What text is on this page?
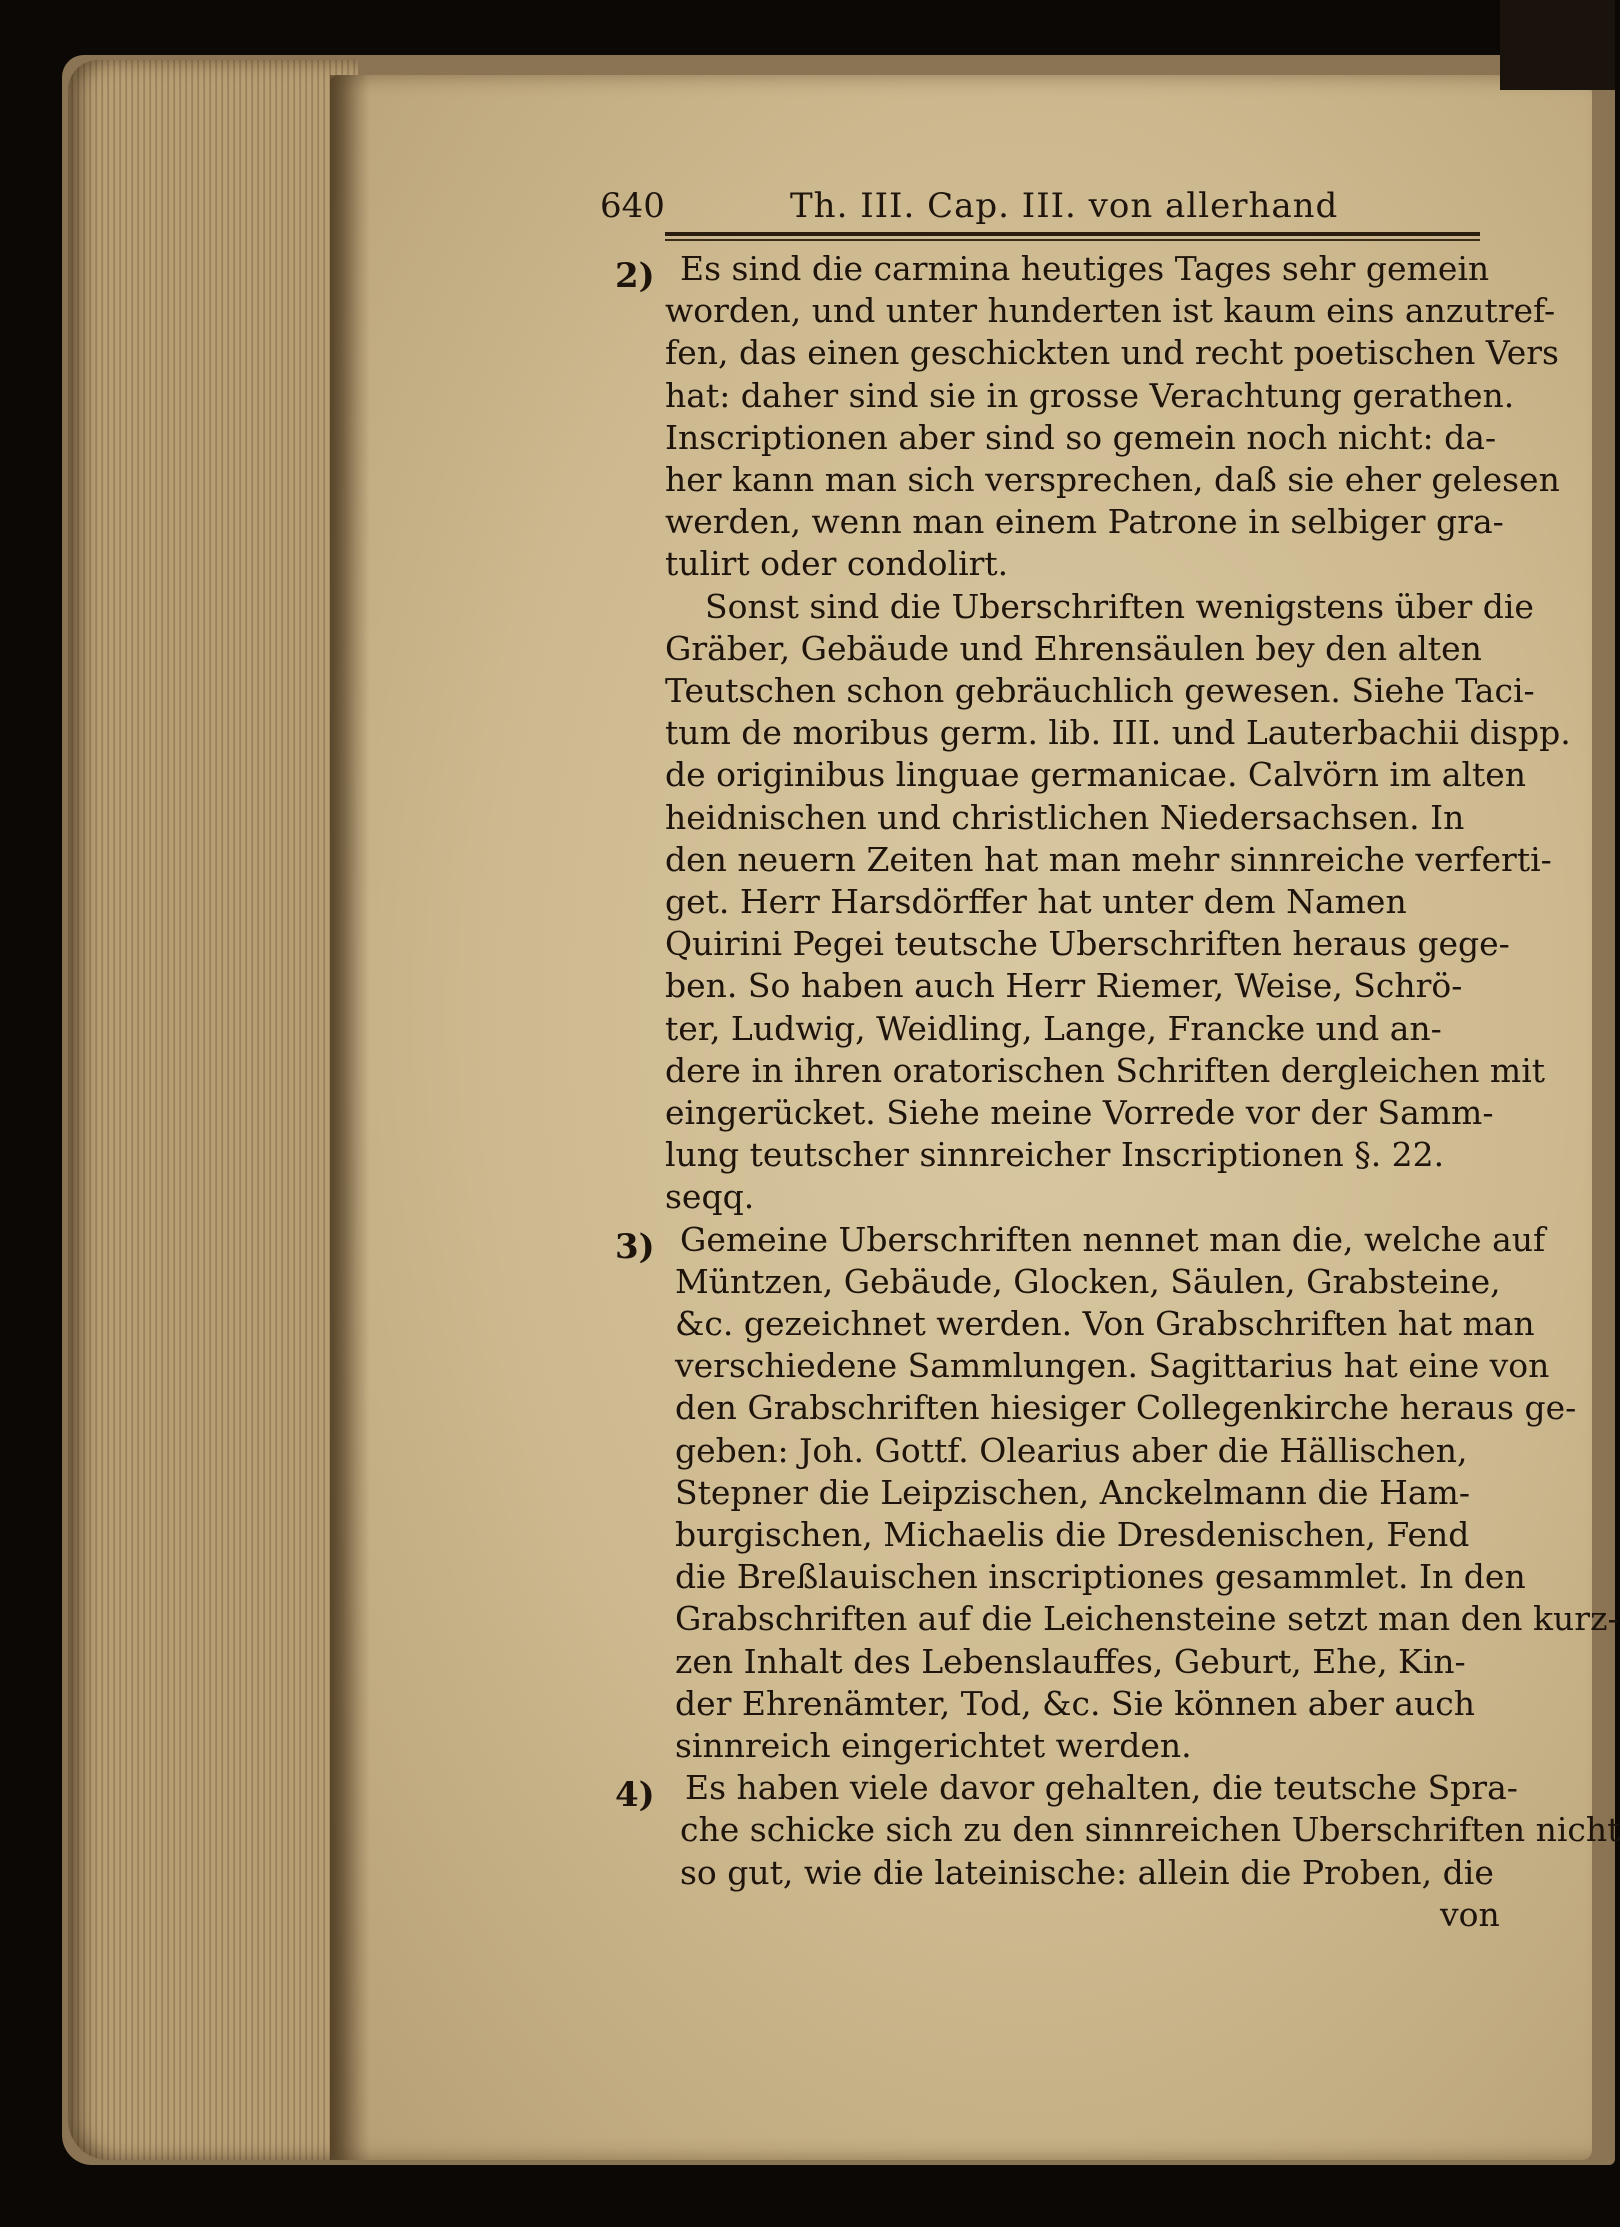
640	Th. III. Cap. III. von allerhand
Es sind die carmina heutiges Tages sehr gemein
worden, und unter hunderten ist kaum eins anzutref-
fen, das einen geschickten und recht poetischen Vers
hat: daher sind sie in grosse Verachtung gerathen.
Inscriptionen aber sind so gemein noch nicht: da-
her kann man sich versprechen, daß sie eher gelesen
werden, wenn man einem Patrone in selbiger gra-
tulirt oder condolirt.
Sonst sind die Uberschriften wenigstens über die
Gräber, Gebäude und Ehrensäulen bey den alten
Teutschen schon gebräuchlich gewesen. Siehe Taci-
tum de moribus germ. lib. III. und Lauterbachii dispp.
de originibus linguae germanicae. Calvörn im alten
heidnischen und christlichen Niedersachsen. In
den neuern Zeiten hat man mehr sinnreiche verferti-
get. Herr Harsdörffer hat unter dem Namen
Quirini Pegei teutsche Uberschriften heraus gege-
ben. So haben auch Herr Riemer, Weise, Schrö-
ter, Ludwig, Weidling, Lange, Francke und an-
dere in ihren oratorischen Schriften dergleichen mit
eingerücket. Siehe meine Vorrede vor der Samm-
lung teutscher sinnreicher Inscriptionen §. 22.
seqq.
Gemeine Uberschriften nennet man die, welche auf
Müntzen, Gebäude, Glocken, Säulen, Grabsteine,
&c. gezeichnet werden. Von Grabschriften hat man
verschiedene Sammlungen. Sagittarius hat eine von
den Grabschriften hiesiger Collegenkirche heraus ge-
geben: Joh. Gottf. Olearius aber die Hällischen,
Stepner die Leipzischen, Anckelmann die Ham-
burgischen, Michaelis die Dresdenischen, Fend
die Breßlauischen inscriptiones gesammlet. In den
Grabschriften auf die Leichensteine setzt man den kurz-
zen Inhalt des Lebenslauffes, Geburt, Ehe, Kin-
der Ehrenämter, Tod, &c. Sie können aber auch
sinnreich eingerichtet werden.
Es haben viele davor gehalten, die teutsche Spra-
che schicke sich zu den sinnreichen Uberschriften nicht
so gut, wie die lateinische: allein die Proben, die
von
2)
3)
4)
